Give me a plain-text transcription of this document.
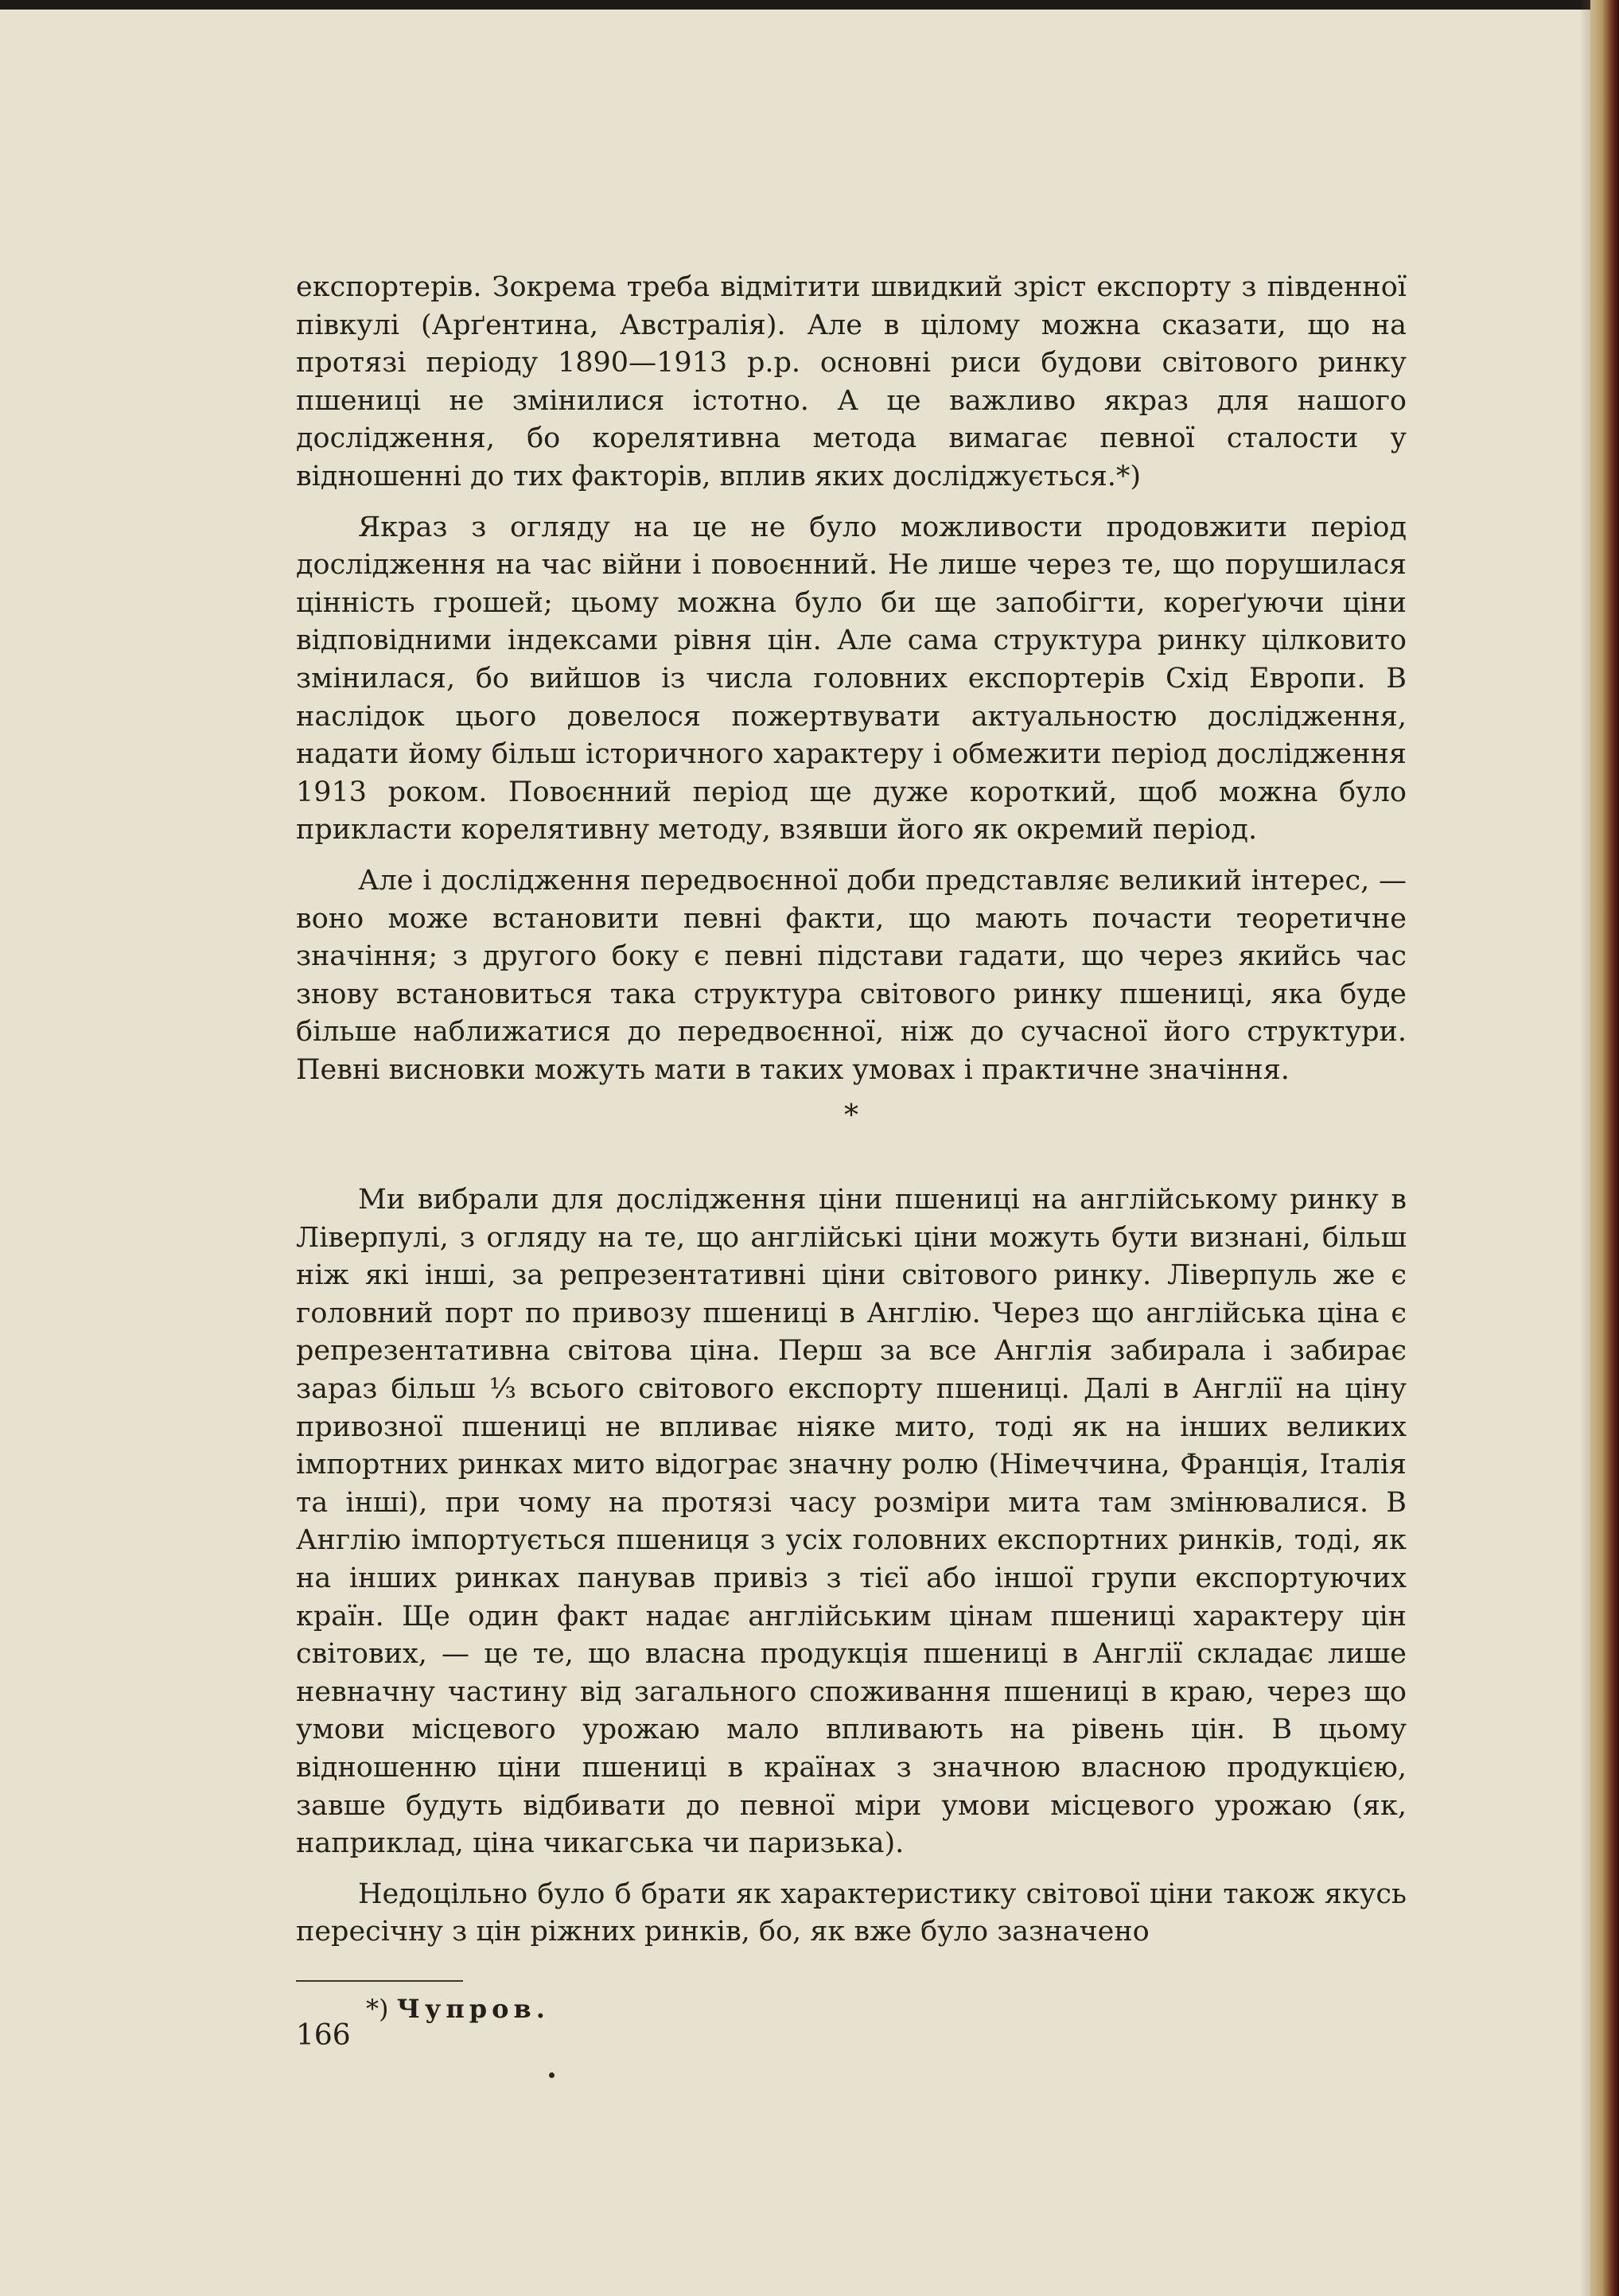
експортерів. Зокрема треба відмітити швидкий зріст експорту з південної півкулі (Арґентина, Австралія). Але в цілому можна сказати, що на протязі періоду 1890—1913 р.р. основні риси будови світового ринку пшениці не змінилися істотно. А це важливо якраз для нашого дослідження, бо корелятивна метода вимагає певної сталости у відношенні до тих факторів, вплив яких досліджується.*)

Якраз з огляду на це не було можливости продовжити період дослідження на час війни і повоєнний. Не лише через те, що порушилася цінність грошей; цьому можна було би ще запобігти, кореґуючи ціни відповідними індексами рівня цін. Але сама структура ринку цілковито змінилася, бо вийшов із числа головних експортерів Схід Европи. В наслідок цього довелося пожертвувати актуальностю дослідження, надати йому більш історичного характеру і обмежити період дослідження 1913 роком. Повоєнний період ще дуже короткий, щоб можна було прикласти корелятивну методу, взявши його як окремий період.

Але і дослідження передвоєнної доби представляє великий інтерес, — воно може встановити певні факти, що мають почасти теоретичне значіння; з другого боку є певні підстави гадати, що через якийсь час знову встановиться така структура світового ринку пшениці, яка буде більше наближатися до передвоєнної, ніж до сучасної його структури. Певні висновки можуть мати в таких умовах і практичне значіння.

*

Ми вибрали для дослідження ціни пшениці на англійському ринку в Ліверпулі, з огляду на те, що англійські ціни можуть бути визнані, більш ніж які інші, за репрезентативні ціни світового ринку. Ліверпуль же є головний порт по привозу пшениці в Англію. Через що англійська ціна є репрезентативна світова ціна. Перш за все Англія забирала і забирає зараз більш ⅓ всього світового експорту пшениці. Далі в Англії на ціну привозної пшениці не впливає ніяке мито, тоді як на інших великих імпортних ринках мито відограє значну ролю (Німеччина, Франція, Італія та інші), при чому на протязі часу розміри мита там змінювалися. В Англію імпортується пшениця з усіх головних експортних ринків, тоді, як на інших ринках панував привіз з тієї або іншої групи експортуючих країн. Ще один факт надає англійським цінам пшениці характеру цін світових, — це те, що власна продукція пшениці в Англії складає лише невначну частину від загального споживання пшениці в краю, через що умови місцевого урожаю мало впливають на рівень цін. В цьому відношенню ціни пшениці в країнах з значною власною продукцією, завше будуть відбивати до певної міри умови місцевого урожаю (як, наприклад, ціна чикагська чи паризька).

Недоцільно було б брати як характеристику світової ціни також якусь пересічну з цін ріжних ринків, бо, як вже було зазначено

*) Чупров.
166
